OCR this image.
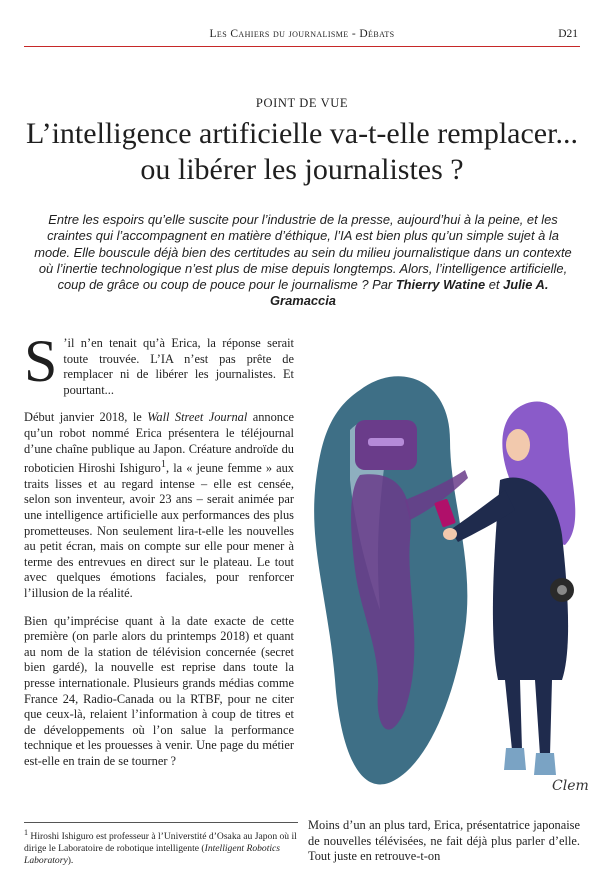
Les Cahiers du journalisme - Débats	D21
POINT DE VUE
L’intelligence artificielle va-t-elle remplacer... ou libérer les journalistes ?

Entre les espoirs qu’elle suscite pour l’industrie de la presse, aujourd’hui à la peine, et les craintes qui l’accompagnent en matière d’éthique, l’IA est bien plus qu’un simple sujet à la mode. Elle bouscule déjà bien des certitudes au sein du milieu journalistique dans un contexte où l’inertie technologique n’est plus de mise depuis longtemps. Alors, l’intelligence artificielle, coup de grâce ou coup de pouce pour le journalisme ? Par Thierry Watine et Julie A. Gramaccia

S ’il n’en tenait qu’à Erica, la réponse serait toute trouvée. L’IA n’est pas prête de remplacer ni de libérer les journalistes. Et pourtant...

Début janvier 2018, le Wall Street Journal annonce qu’un robot nommé Erica présentera le téléjournal d’une chaîne publique au Japon. Créature androïde du roboticien Hiroshi Ishiguro$^1$, la « jeune femme » aux traits lisses et au regard intense – elle est censée, selon son inventeur, avoir 23 ans – serait animée par une intelligence artificielle aux performances des plus prometteuses. Non seulement lira-t-elle les nouvelles au petit écran, mais on compte sur elle pour mener à terme des entrevues en direct sur le plateau. Le tout avec quelques émotions faciales, pour renforcer l’illusion de la réalité.

Bien qu’imprécise quant à la date exacte de cette première (on parle alors du printemps 2018) et quant au nom de la station de télévision concernée (secret bien gardé), la nouvelle est reprise dans toute la presse internationale. Plusieurs grands médias comme France 24, Radio-Canada ou la RTBF, pour ne citer que ceux-là, relaient l’information à coup de titres et de développements où l’on salue la performance technique et les prouesses à venir. Une page du métier est-elle en train de se tourner ?

$^1$ Hiroshi Ishiguro est professeur à l’Universtité d’Osaka au Japon où il dirige le Laboratoire de robotique intelligente (Intelligent Robotics Laboratory).

Moins d’un an plus tard, Erica, présentatrice japonaise de nouvelles télévisées, ne fait déjà plus parler d’elle. Tout juste en retrouve-t-on

Clem
